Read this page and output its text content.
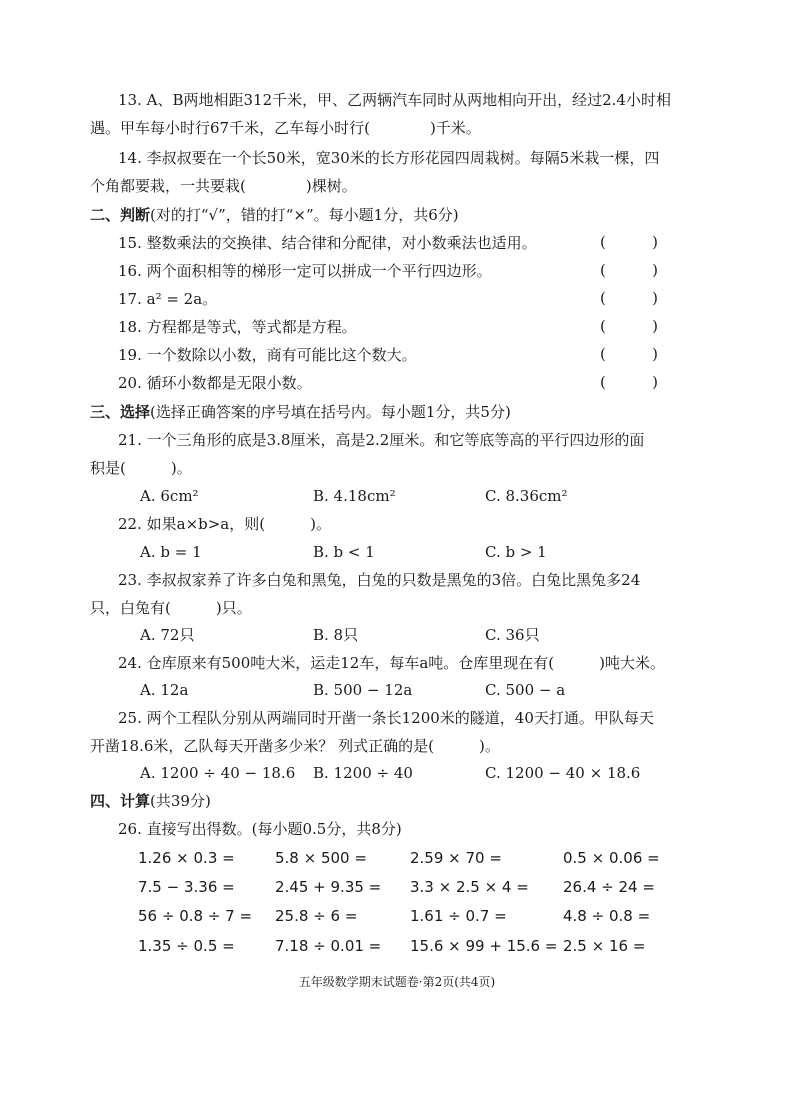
13. A、B两地相距312千米，甲、乙两辆汽车同时从两地相向开出，经过2.4小时相
遇。甲车每小时行67千米，乙车每小时行(　　　　)千米。
14. 李叔叔要在一个长50米，宽30米的长方形花园四周栽树。每隔5米栽一棵，四
个角都要栽，一共要栽(　　　　)棵树。
二、判断(对的打“√”，错的打“×”。每小题1分，共6分)
15. 整数乘法的交换律、结合律和分配律，对小数乘法也适用。	(	)
16. 两个面积相等的梯形一定可以拼成一个平行四边形。	(	)
17. a² = 2a。	(	)
18. 方程都是等式，等式都是方程。	(	)
19. 一个数除以小数，商有可能比这个数大。	(	)
20. 循环小数都是无限小数。	(	)
三、选择(选择正确答案的序号填在括号内。每小题1分，共5分)
21. 一个三角形的底是3.8厘米，高是2.2厘米。和它等底等高的平行四边形的面
积是(　　　)。
A. 6cm²	B. 4.18cm²	C. 8.36cm²
22. 如果a×b>a，则(　　　)。
A. b = 1	B. b < 1	C. b > 1
23. 李叔叔家养了许多白兔和黑兔，白兔的只数是黑兔的3倍。白兔比黑兔多24
只，白兔有(　　　)只。
A. 72只	B. 8只	C. 36只
24. 仓库原来有500吨大米，运走12车，每车a吨。仓库里现在有(　　　)吨大米。
A. 12a	B. 500 − 12a	C. 500 − a
25. 两个工程队分别从两端同时开凿一条长1200米的隧道，40天打通。甲队每天
开凿18.6米，乙队每天开凿多少米？ 列式正确的是(　　　)。
A. 1200 ÷ 40 − 18.6 B. 1200 ÷ 40	C. 1200 − 40 × 18.6
四、计算(共39分)
26. 直接写出得数。(每小题0.5分，共8分)
1.26 × 0.3 =	5.8 × 500 =	2.59 × 70 =	0.5 × 0.06 =
7.5 − 3.36 =	2.45 + 9.35 = 3.3 × 2.5 × 4 = 26.4 ÷ 24 =
56 ÷ 0.8 ÷ 7 = 25.8 ÷ 6 =	1.61 ÷ 0.7 =	4.8 ÷ 0.8 =
1.35 ÷ 0.5 =	7.18 ÷ 0.01 = 15.6 × 99 + 15.6 = 2.5 × 16 =
五年级数学期末试题卷·第2页(共4页)
